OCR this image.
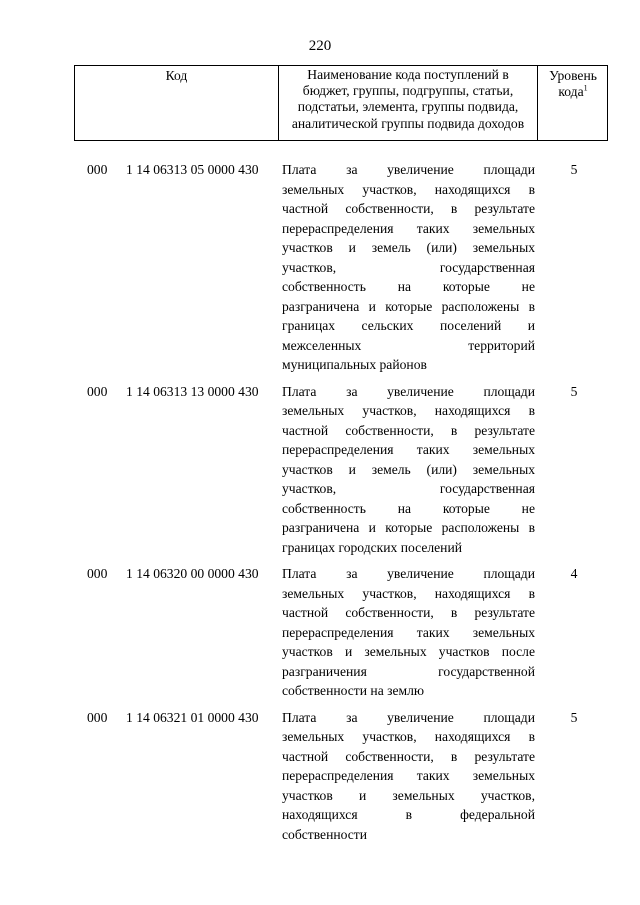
220
Код	Наименование кода поступлений в бюджет, группы, подгруппы, статьи, подстатьи, элемента, группы подвида, аналитической группы подвида доходов
Уровень кода$^1$
000 1 14 06313 05 0000 430 Плата за увеличение площади
земельных участков, находящихся в
частной собственности, в результате
перераспределения таких земельных
участков и земель (или) земельных
участков, государственная
собственность на которые не
разграничена и которые расположены в
границах сельских поселений и
межселенных территорий
муниципальных районов
5
000 1 14 06313 13 0000 430 Плата за увеличение площади
земельных участков, находящихся в
частной собственности, в результате
перераспределения таких земельных
участков и земель (или) земельных
участков, государственная
собственность на которые не
разграничена и которые расположены в
границах городских поселений
5
000 1 14 06320 00 0000 430 Плата за увеличение площади
земельных участков, находящихся в
частной собственности, в результате
перераспределения таких земельных
участков и земельных участков после
разграничения государственной
собственности на землю
4
000 1 14 06321 01 0000 430 Плата за увеличение площади
земельных участков, находящихся в
частной собственности, в результате
перераспределения таких земельных
участков и земельных участков,
находящихся в федеральной
собственности
5
